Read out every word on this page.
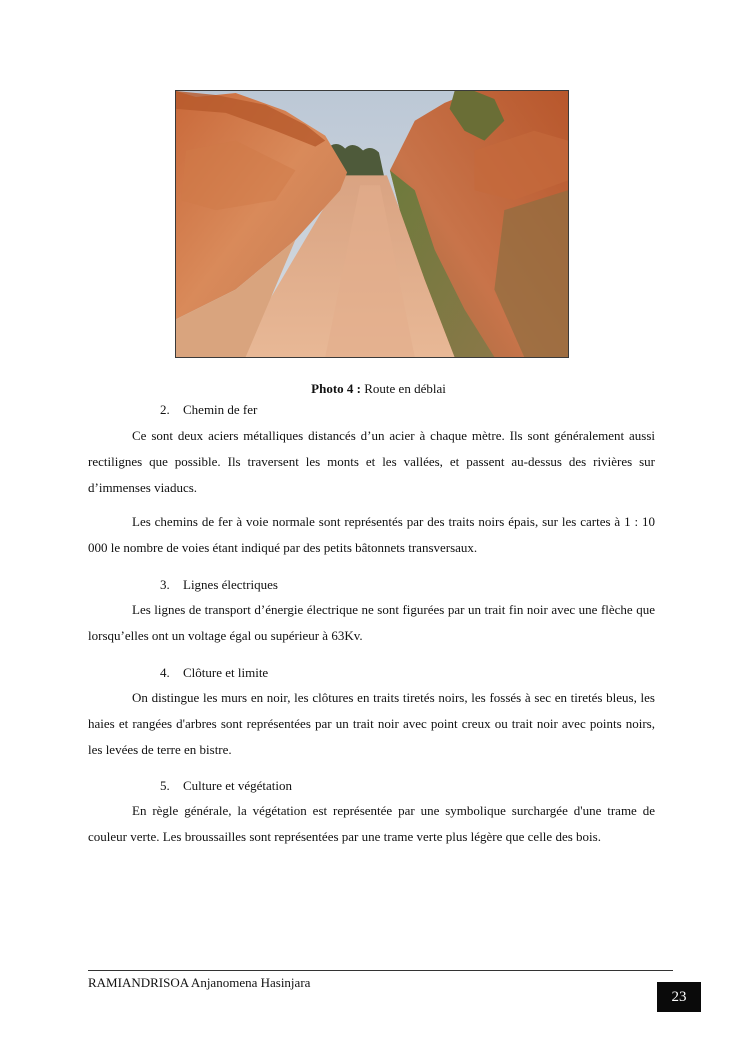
Photo 4 : Route en déblai
2. Chemin de fer

Ce sont deux aciers métalliques distancés d’un acier à chaque mètre. Ils sont généralement aussi rectilignes que possible. Ils traversent les monts et les vallées, et passent au-dessus des rivières sur d’immenses viaducs.

Les chemins de fer à voie normale sont représentés par des traits noirs épais, sur les cartes à 1 : 10 000 le nombre de voies étant indiqué par des petits bâtonnets transversaux.

3. Lignes électriques

Les lignes de transport d’énergie électrique ne sont figurées par un trait fin noir avec une flèche que lorsqu’elles ont un voltage égal ou supérieur à 63Kv.

4. Clôture et limite

On distingue les murs en noir, les clôtures en traits tiretés noirs, les fossés à sec en tiretés bleus, les haies et rangées d'arbres sont représentées par un trait noir avec point creux ou trait noir avec points noirs, les levées de terre en bistre.

5. Culture et végétation

En règle générale, la végétation est représentée par une symbolique surchargée d'une trame de couleur verte. Les broussailles sont représentées par une trame verte plus légère que celle des bois.

RAMIANDRISOA Anjanomena Hasinjara
23
